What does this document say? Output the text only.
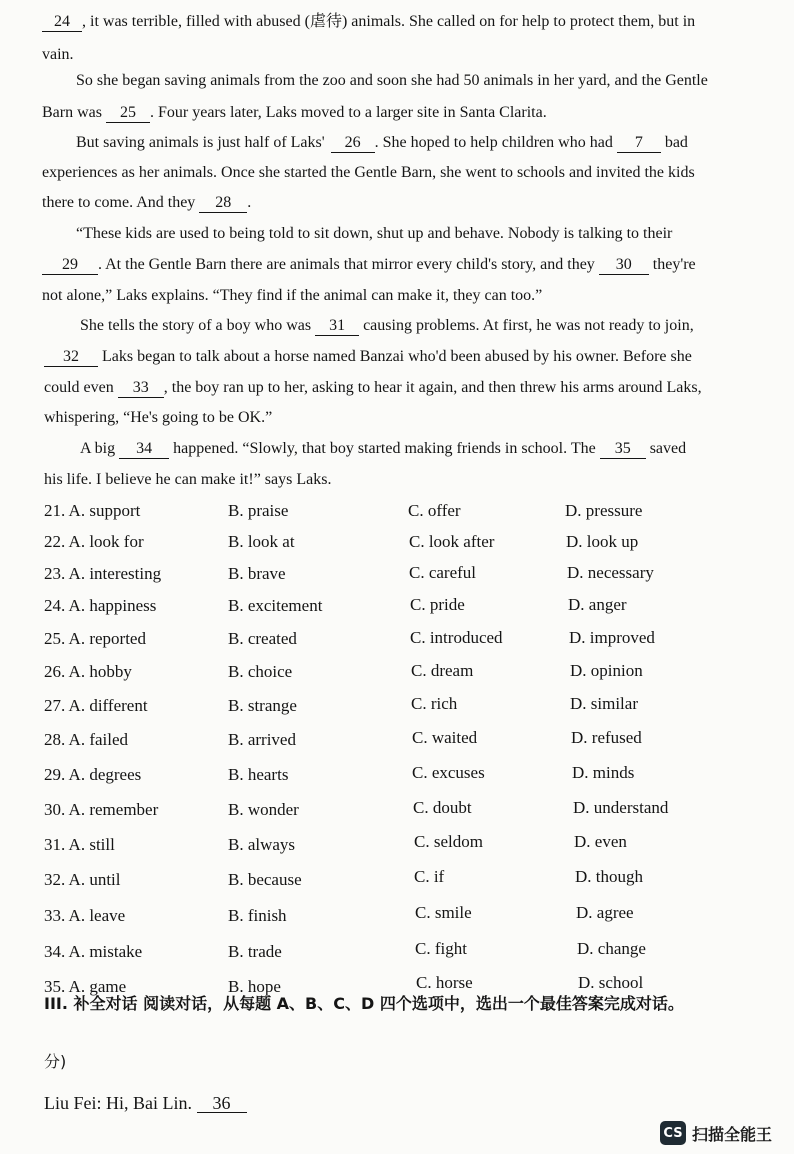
24 , it was terrible, filled with abused (虐待) animals. She called on for help to protect them, but in
vain.
So she began saving animals from the zoo and soon she had 50 animals in her yard, and the Gentle
Barn was 25 . Four years later, Laks moved to a larger site in Santa Clarita.
But saving animals is just half of Laks' 26 . She hoped to help children who had 7 bad
experiences as her animals. Once she started the Gentle Barn, she went to schools and invited the kids
there to come. And they 28 .
“These kids are used to being told to sit down, shut up and behave. Nobody is talking to their
29 . At the Gentle Barn there are animals that mirror every child's story, and they 30 they're
not alone,” Laks explains. “They find if the animal can make it, they can too.”
She tells the story of a boy who was 31 causing problems. At first, he was not ready to join,
32 Laks began to talk about a horse named Banzai who'd been abused by his owner. Before she
could even 33 , the boy ran up to her, asking to hear it again, and then threw his arms around Laks,
whispering, “He's going to be OK.”
A big 34 happened. “Slowly, that boy started making friends in school. The 35 saved
his life. I believe he can make it!” says Laks.
21. A. support	B. praise	C. offer	D. pressure
22. A. look for	B. look at	C. look after	D. look up
23. A. interesting	B. brave	C. careful	D. necessary
24. A. happiness	B. excitement	C. pride	D. anger
25. A. reported	B. created	C. introduced	D. improved
26. A. hobby	B. choice	C. dream	D. opinion
27. A. different	B. strange	C. rich	D. similar
28. A. failed	B. arrived	C. waited	D. refused
29. A. degrees	B. hearts	C. excuses	D. minds
30. A. remember	B. wonder	C. doubt	D. understand
31. A. still	B. always	C. seldom	D. even
32. A. until	B. because	C. if	D. though
33. A. leave	B. finish	C. smile	D. agree
34. A. mistake	B. trade	C. fight	D. change
35. A. game	B. hope	C. horse	D. school
III. 补全对话 阅读对话，从每题 A、B、C、D 四个选项中，选出一个最佳答案完成对话。
分)
Liu Fei: Hi, Bai Lin. 36
CS 扫描全能王
